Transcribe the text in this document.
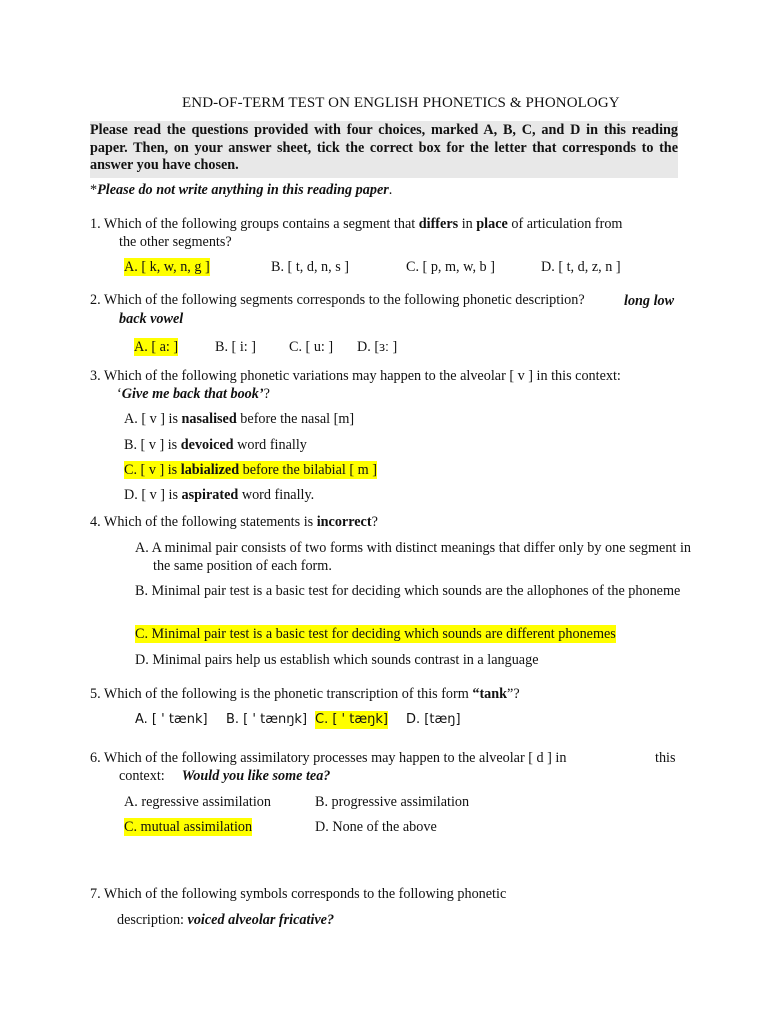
END-OF-TERM TEST ON ENGLISH PHONETICS & PHONOLOGY
Please read the questions provided with four choices, marked A, B, C, and D in this reading paper. Then, on your answer sheet, tick the correct box for the letter that corresponds to the answer you have chosen.
*Please do not write anything in this reading paper.
1. Which of the following groups contains a segment that differs in place of articulation from
the other segments?
A. [ k, w, n, g ]	B. [ t, d, n, s ]	C. [ p, m, w, b ]	D. [ t, d, z, n ]
2. Which of the following segments corresponds to the following phonetic description?	long low
back vowel
A. [ a: ]	B. [ i: ] C. [ u: ] D. [ɜː ]
3. Which of the following phonetic variations may happen to the alveolar [ v ] in this context:
‘Give me back that book’?
A. [ v ] is nasalised before the nasal [m]
B. [ v ] is devoiced word finally
C. [ v ] is labialized before the bilabial [ m ]
D. [ v ] is aspirated word finally.
4. Which of the following statements is incorrect?
A. A minimal pair consists of two forms with distinct meanings that differ only by one segment in the same position of each form.
B. Minimal pair test is a basic test for deciding which sounds are the allophones of the phoneme
C. Minimal pair test is a basic test for deciding which sounds are different phonemes
D. Minimal pairs help us establish which sounds contrast in a language
5. Which of the following is the phonetic transcription of this form “tank”?
A. [ ' tænk] B. [ ' tænŋk] C. [ ' tæŋk] D. [tæŋ]
6. Which of the following assimilatory processes may happen to the alveolar [ d ] in	this
context: Would you like some tea?
A. regressive assimilation	B. progressive assimilation
C. mutual assimilation	D. None of the above
7. Which of the following symbols corresponds to the following phonetic
description: voiced alveolar fricative?
